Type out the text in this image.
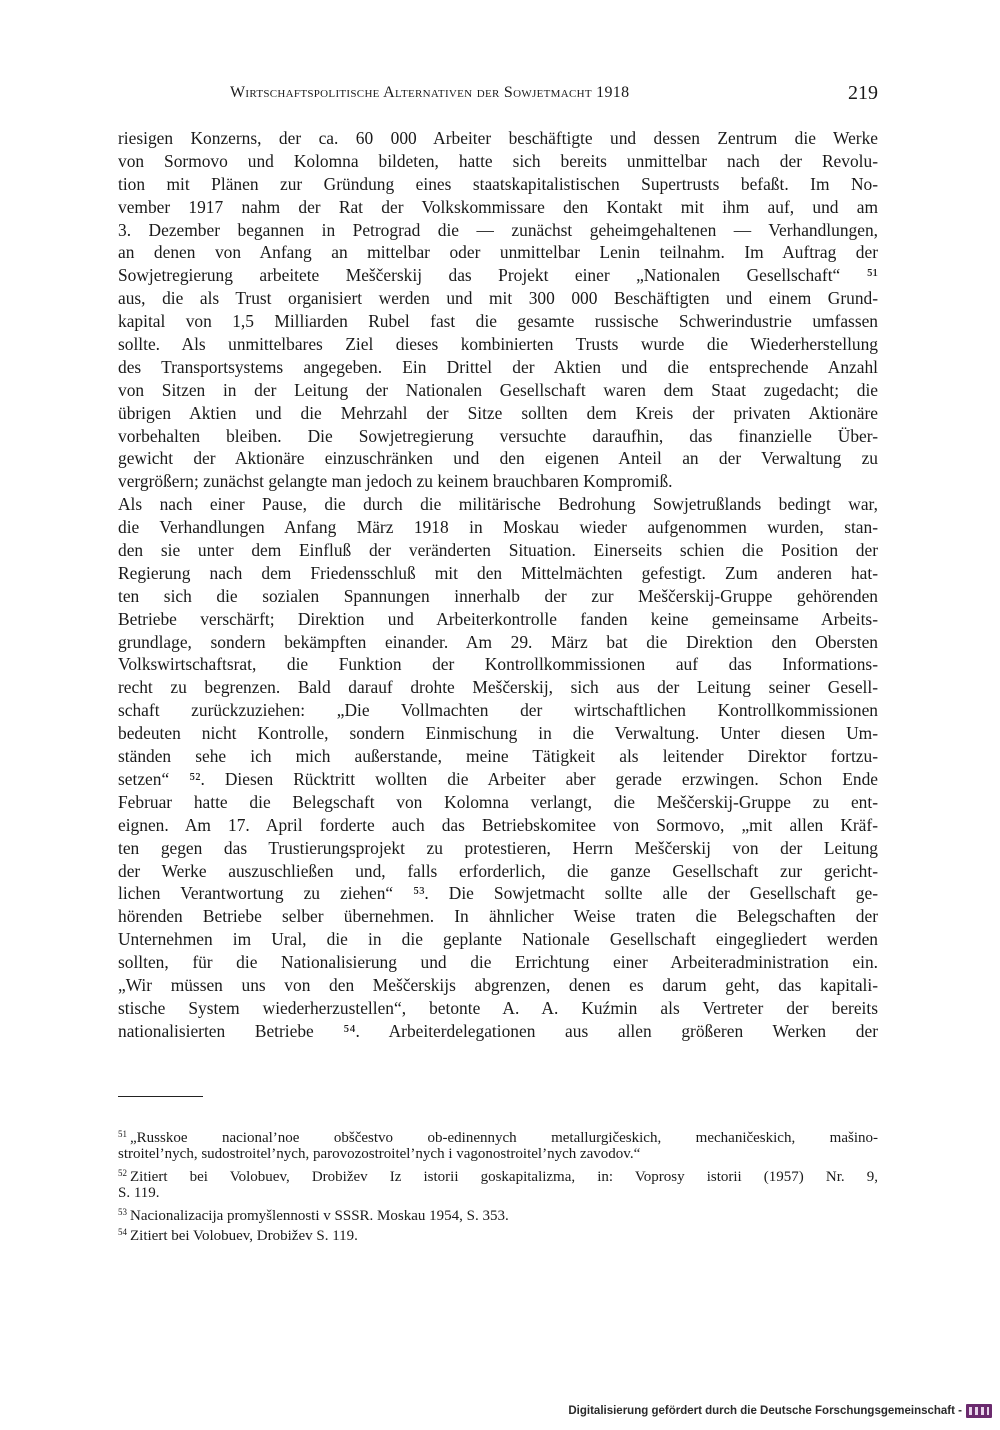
Wirtschaftspolitische Alternativen der Sowjetmacht 1918	219
riesigen Konzerns, der ca. 60 000 Arbeiter beschäftigte und dessen Zentrum die Werke
von Sormovo und Kolomna bildeten, hatte sich bereits unmittelbar nach der Revolu-
tion mit Plänen zur Gründung eines staatskapitalistischen Supertrusts befaßt. Im No-
vember 1917 nahm der Rat der Volkskommissare den Kontakt mit ihm auf, und am
3. Dezember begannen in Petrograd die — zunächst geheimgehaltenen — Verhandlungen,
an denen von Anfang an mittelbar oder unmittelbar Lenin teilnahm. Im Auftrag der
Sowjetregierung arbeitete Meščerskij das Projekt einer „Nationalen Gesellschaft“ ⁵¹
aus, die als Trust organisiert werden und mit 300 000 Beschäftigten und einem Grund-
kapital von 1,5 Milliarden Rubel fast die gesamte russische Schwerindustrie umfassen
sollte. Als unmittelbares Ziel dieses kombinierten Trusts wurde die Wiederherstellung
des Transportsystems angegeben. Ein Drittel der Aktien und die entsprechende Anzahl
von Sitzen in der Leitung der Nationalen Gesellschaft waren dem Staat zugedacht; die
übrigen Aktien und die Mehrzahl der Sitze sollten dem Kreis der privaten Aktionäre
vorbehalten bleiben. Die Sowjetregierung versuchte daraufhin, das finanzielle Über-
gewicht der Aktionäre einzuschränken und den eigenen Anteil an der Verwaltung zu
vergrößern; zunächst gelangte man jedoch zu keinem brauchbaren Kompromiß.
Als nach einer Pause, die durch die militärische Bedrohung Sowjetrußlands bedingt war,
die Verhandlungen Anfang März 1918 in Moskau wieder aufgenommen wurden, stan-
den sie unter dem Einfluß der veränderten Situation. Einerseits schien die Position der
Regierung nach dem Friedensschluß mit den Mittelmächten gefestigt. Zum anderen hat-
ten sich die sozialen Spannungen innerhalb der zur Meščerskij-Gruppe gehörenden
Betriebe verschärft; Direktion und Arbeiterkontrolle fanden keine gemeinsame Arbeits-
grundlage, sondern bekämpften einander. Am 29. März bat die Direktion den Obersten
Volkswirtschaftsrat, die Funktion der Kontrollkommissionen auf das Informations-
recht zu begrenzen. Bald darauf drohte Meščerskij, sich aus der Leitung seiner Gesell-
schaft zurückzuziehen: „Die Vollmachten der wirtschaftlichen Kontrollkommissionen
bedeuten nicht Kontrolle, sondern Einmischung in die Verwaltung. Unter diesen Um-
ständen sehe ich mich außerstande, meine Tätigkeit als leitender Direktor fortzu-
setzen“ ⁵². Diesen Rücktritt wollten die Arbeiter aber gerade erzwingen. Schon Ende
Februar hatte die Belegschaft von Kolomna verlangt, die Meščerskij-Gruppe zu ent-
eignen. Am 17. April forderte auch das Betriebskomitee von Sormovo, „mit allen Kräf-
ten gegen das Trustierungsprojekt zu protestieren, Herrn Meščerskij von der Leitung
der Werke auszuschließen und, falls erforderlich, die ganze Gesellschaft zur gericht-
lichen Verantwortung zu ziehen“ ⁵³. Die Sowjetmacht sollte alle der Gesellschaft ge-
hörenden Betriebe selber übernehmen. In ähnlicher Weise traten die Belegschaften der
Unternehmen im Ural, die in die geplante Nationale Gesellschaft eingegliedert werden
sollten, für die Nationalisierung und die Errichtung einer Arbeiteradministration ein.
„Wir müssen uns von den Meščerskijs abgrenzen, denen es darum geht, das kapitali-
stische System wiederherzustellen“, betonte A. A. Kuźmin als Vertreter der bereits
nationalisierten Betriebe ⁵⁴. Arbeiterdelegationen aus allen größeren Werken der
$^{51}$ „Russkoe nacional’noe obščestvo ob-edinennych metallurgičeskich, mechaničeskich, mašino-
stroitel’nych, sudostroitel’nych, parovozostroitel’nych i vagonostroitel’nych zavodov.“
$^{52}$ Zitiert bei Volobuev, Drobižev Iz istorii goskapitalizma, in: Voprosy istorii (1957) Nr. 9,
S. 119.
$^{53}$ Nacionalizacija promyšlennosti v SSSR. Moskau 1954, S. 353.
$^{54}$ Zitiert bei Volobuev, Drobižev S. 119.
Digitalisierung gefördert durch die Deutsche Forschungsgemeinschaft -
